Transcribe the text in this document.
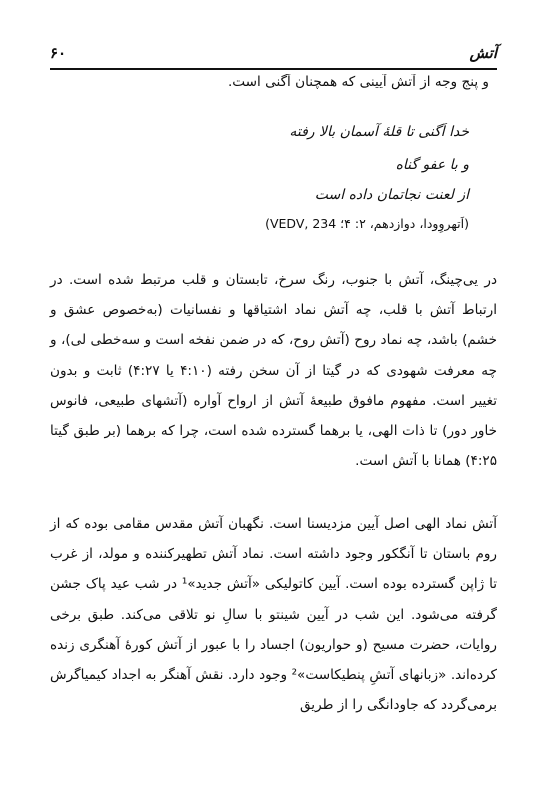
۶۰	آتش
و پنج وجه از آتش آیینی که همچنان اَگنی است.
خدا اَگنی تا قلهٔ آسمان بالا رفته
و با عفو گناه
از لعنت نجاتمان داده است
(اَتهروِودا، دوازدهم، ۲: ۴؛ VEDV, 234)
در یی‌چینگ، آتش با جنوب، رنگ سرخ، تابستان و قلب مرتبط شده است. در ارتباط آتش با قلب، چه آتش نماد اشتیاقها و نفسانیات (به‌خصوص عشق و خشم) باشد، چه نماد روح (آتش روح، که در ضمن نفخه است و سه‌خطی لی)، و چه معرفت شهودی که در گیتا از آن سخن رفته (۴:۱۰ یا ۴:۲۷) ثابت و بدون تغییر است. مفهوم مافوق طبیعهٔ آتش از ارواح آواره (آتشهای طبیعی، فانوس خاور دور) تا ذات الهی، یا برهما گسترده شده است، چرا که برهما (بر طبق گیتا ۴:۲۵) همانا با آتش است.
آتش نماد الهی اصل آیین مزدیسنا است. نگهبان آتش مقدس مقامی بوده که از روم باستان تا آنگکور وجود داشته است. نماد آتش تطهیرکننده و مولد، از غرب تا ژاپن گسترده بوده است. آیین کاتولیکی «آتش جدید»¹ در شب عید پاک جشن گرفته می‌شود. این شب در آیین شینتو با سالِ نو تلاقی می‌کند. طبق برخی روایات، حضرت مسیح (و حواریون) اجساد را با عبور از آتش کورهٔ آهنگری زنده کرده‌اند. «زبانهای آتشِ پنطیکاست»² وجود دارد. نقش آهنگر به اجداد کیمیاگرش برمی‌گردد که جاودانگی را از طریق
